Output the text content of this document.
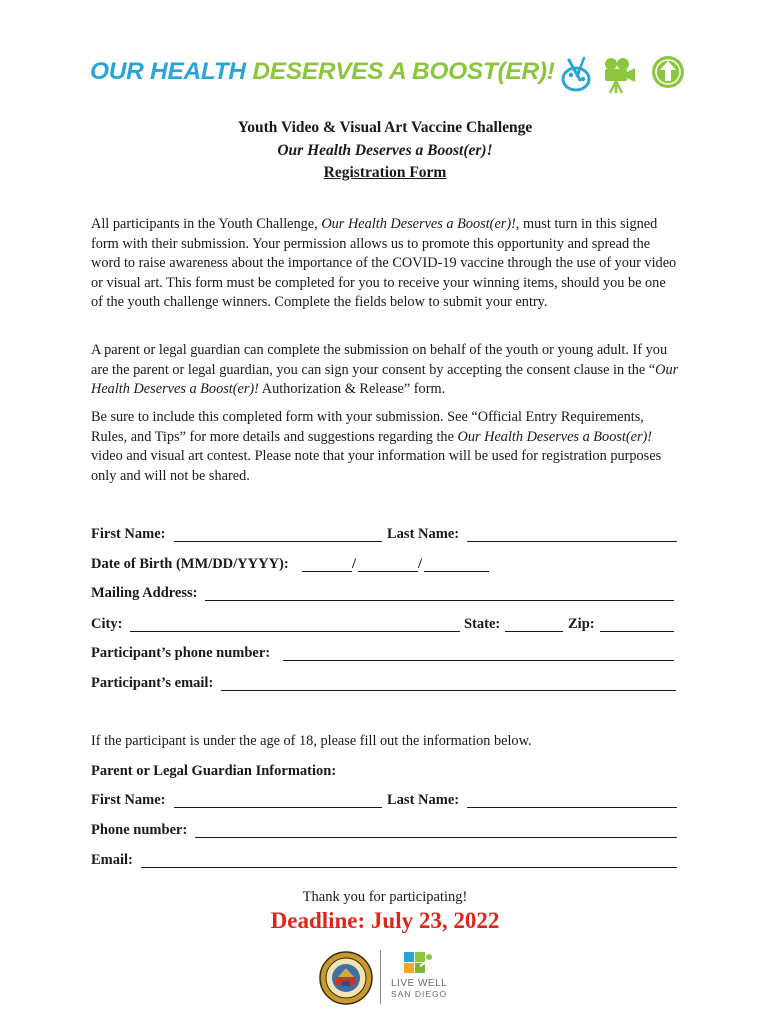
OUR HEALTH DESERVES A BOOST(ER)!
Youth Video & Visual Art Vaccine Challenge
Our Health Deserves a Boost(er)!
Registration Form

All participants in the Youth Challenge, Our Health Deserves a Boost(er)!, must turn in this signed form with their submission. Your permission allows us to promote this opportunity and spread the word to raise awareness about the importance of the COVID-19 vaccine through the use of your video or visual art. This form must be completed for you to receive your winning items, should you be one of the youth challenge winners. Complete the fields below to submit your entry.

A parent or legal guardian can complete the submission on behalf of the youth or young adult. If you are the parent or legal guardian, you can sign your consent by accepting the consent clause in the “Our Health Deserves a Boost(er)! Authorization & Release” form.

Be sure to include this completed form with your submission. See “Official Entry Requirements, Rules, and Tips” for more details and suggestions regarding the Our Health Deserves a Boost(er)! video and visual art contest. Please note that your information will be used for registration purposes only and will not be shared.

First Name:	Last Name:
Date of Birth (MM/DD/YYYY):	/	/
Mailing Address:
City:	State:	Zip:
Participant’s phone number:
Participant’s email:
If the participant is under the age of 18, please fill out the information below.
Parent or Legal Guardian Information:
First Name:	Last Name:
Phone number:
Email:
Thank you for participating!
Deadline: July 23, 2022
LIVE WELL
SAN DIEGO
